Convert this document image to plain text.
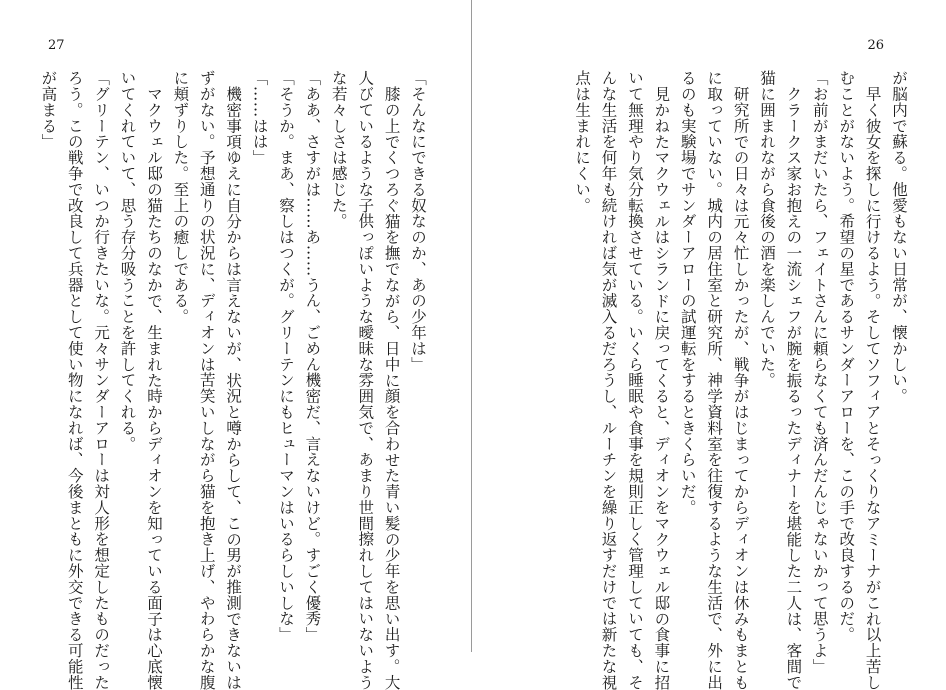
27
「そんなにできる奴なのか、あの少年は」
膝の上でくつろぐ猫を撫でながら、日中に顔を合わせた青い髪の少年を思い出す。大
人びているような子供っぽいような曖昧な雰囲気で、あまり世間擦れしてはいないよう
な若々しさは感じた。
「ああ、さすがは……あ……うん、ごめん機密だ、言えないけど。すごく優秀」
「そうか。まあ、察しはつくが。グリーテンにもヒューマンはいるらしいしな」
「……はは」
機密事項ゆえに自分からは言えないが、状況と噂からして、この男が推測できないは
ずがない。予想通りの状況に、ディオンは苦笑いしながら猫を抱き上げ、やわらかな腹
に頬ずりした。至上の癒しである。
マクウェル邸の猫たちのなかで、生まれた時からディオンを知っている面子は心底懐
いてくれていて、思う存分吸うことを許してくれる。
「グリーテン、いつか行きたいな。元々サンダーアローは対人形を想定したものだった
ろう。この戦争で改良して兵器として使い物になれば、今後まともに外交できる可能性
が高まる」
26
が脳内で蘇る。他愛もない日常が、懐かしい。
早く彼女を探しに行けるよう。そしてソフィアとそっくりなアミーナがこれ以上苦し
むことがないよう。希望の星であるサンダーアローを、この手で改良するのだ。
「お前がまだいたら、フェイトさんに頼らなくても済んだんじゃないかって思うよ」
クラークス家お抱えの一流シェフが腕を振るったディナーを堪能した二人は、客間で
猫に囲まれながら食後の酒を楽しんでいた。
研究所での日々は元々忙しかったが、戦争がはじまってからディオンは休みもまとも
に取っていない。城内の居住室と研究所、神学資料室を往復するような生活で、外に出
るのも実験場でサンダーアローの試運転をするときくらいだ。
見かねたマクウェルはシランドに戻ってくると、ディオンをマクウェル邸の食事に招
いて無理やり気分転換させている。いくら睡眠や食事を規則正しく管理していても、そ
んな生活を何年も続ければ気が滅入るだろうし、ルーチンを繰り返すだけでは新たな視
点は生まれにくい。
